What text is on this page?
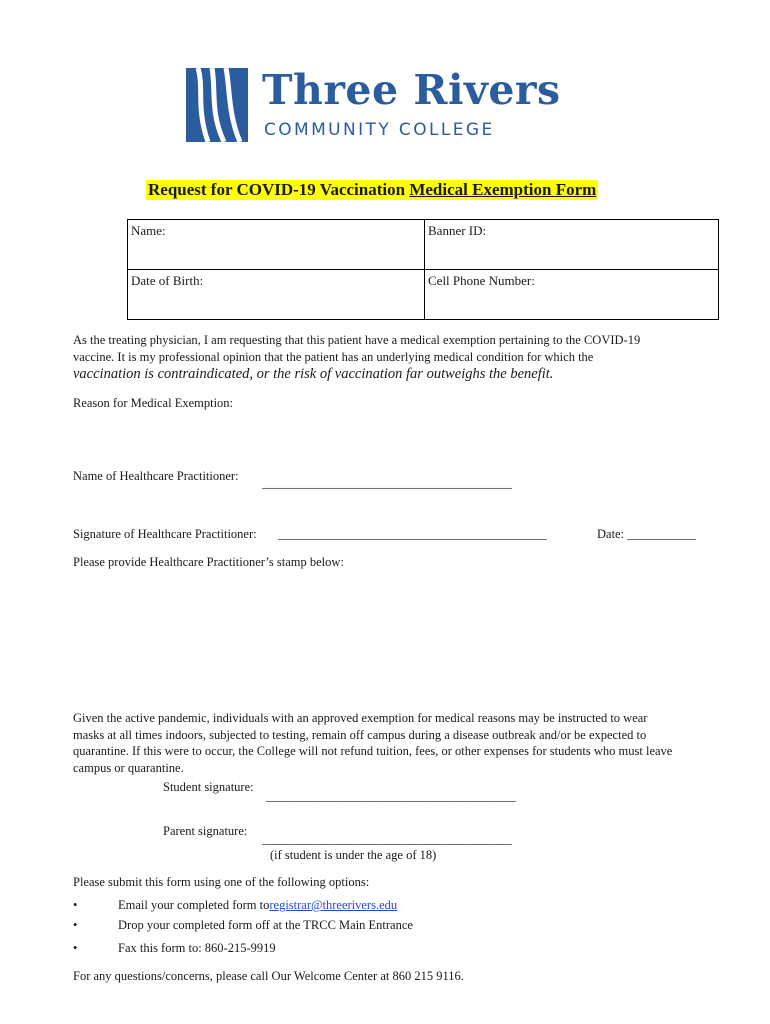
Three Rivers
COMMUNITY COLLEGE
Request for COVID-19 Vaccination Medical Exemption Form
Name:	Banner ID:
Date of Birth:	Cell Phone Number:
As the treating physician, I am requesting that this patient have a medical exemption pertaining to the COVID-19
vaccine. It is my professional opinion that the patient has an underlying medical condition for which the
vaccination is contraindicated, or the risk of vaccination far outweighs the benefit.
Reason for Medical Exemption:
Name of Healthcare Practitioner: ________________________________________
Signature of Healthcare Practitioner: ___________________________________________	Date: ___________
Please provide Healthcare Practitioner’s stamp below:
Given the active pandemic, individuals with an approved exemption for medical reasons may be instructed to wear
masks at all times indoors, subjected to testing, remain off campus during a disease outbreak and/or be expected to
quarantine. If this were to occur, the College will not refund tuition, fees, or other expenses for students who must leave
campus or quarantine.
Student signature:
________________________________________
Parent signature:
________________________________________
(if student is under the age of 18)
Please submit this form using one of the following options:
•	Email your completed form to registrar@threerivers.edu
•	Drop your completed form off at the TRCC Main Entrance
•	Fax this form to: 860-215-9919
For any questions/concerns, please call Our Welcome Center at 860 215 9116.
